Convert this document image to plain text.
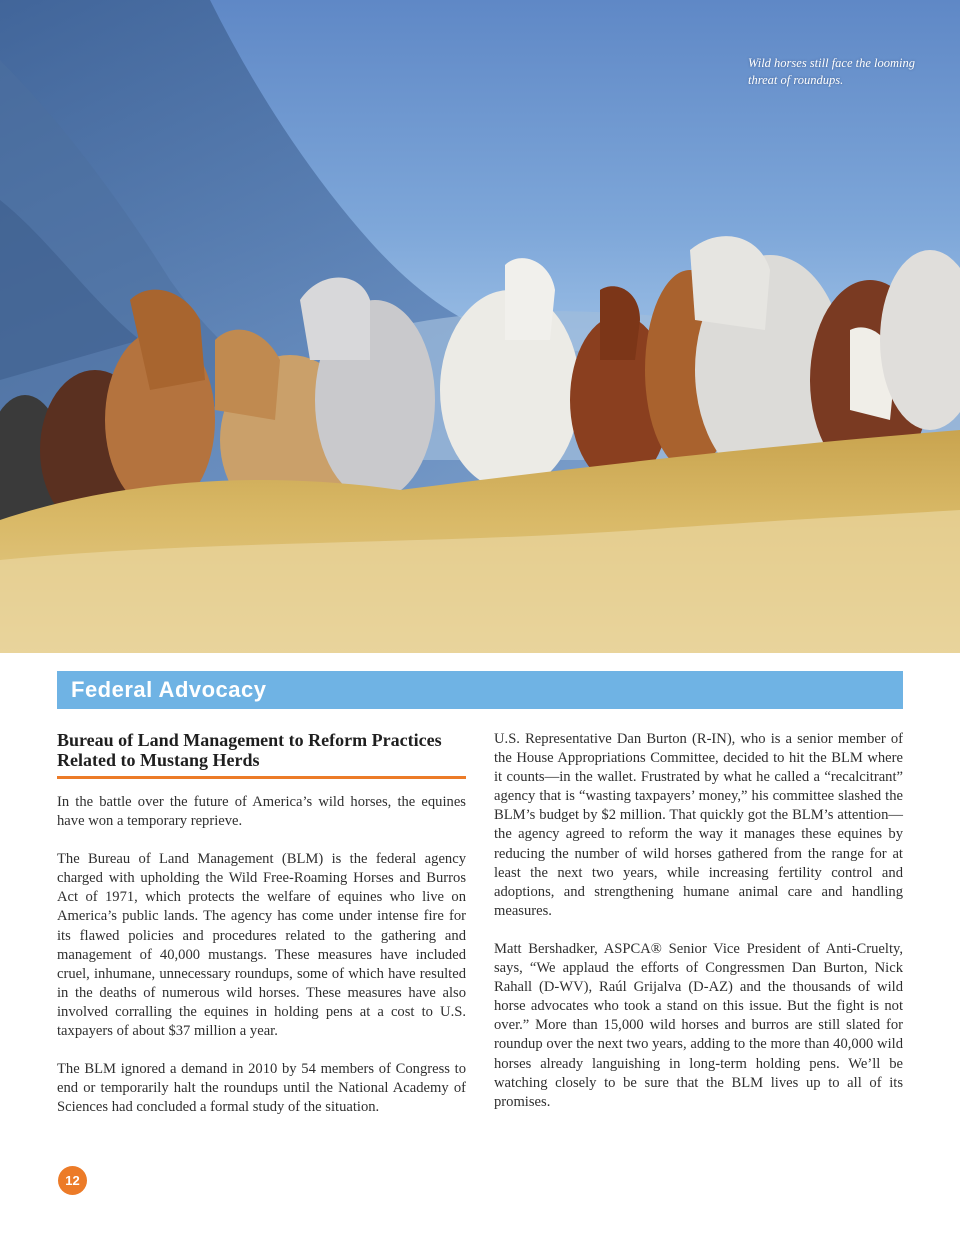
Wild horses still face the looming threat of roundups.
Federal Advocacy
Bureau of Land Management to Reform Practices Related to Mustang Herds

In the battle over the future of America’s wild horses, the equines have won a temporary reprieve.

The Bureau of Land Management (BLM) is the federal agency charged with upholding the Wild Free-Roaming Horses and Burros Act of 1971, which protects the welfare of equines who live on America’s public lands. The agency has come under intense fire for its flawed policies and procedures related to the gathering and management of 40,000 mustangs. These measures have included cruel, inhumane, unnecessary roundups, some of which have resulted in the deaths of numerous wild horses. These measures have also involved corralling the equines in holding pens at a cost to U.S. taxpayers of about $37 million a year.

The BLM ignored a demand in 2010 by 54 members of Congress to end or temporarily halt the roundups until the National Academy of Sciences had concluded a formal study of the situation.

U.S. Representative Dan Burton (R-IN), who is a senior member of the House Appropriations Committee, decided to hit the BLM where it counts—in the wallet. Frustrated by what he called a “recalcitrant” agency that is “wasting taxpayers’ money,” his committee slashed the BLM’s budget by $2 million. That quickly got the BLM’s attention—the agency agreed to reform the way it manages these equines by reducing the number of wild horses gathered from the range for at least the next two years, while increasing fertility control and adoptions, and strengthening humane animal care and handling measures.

Matt Bershadker, ASPCA® Senior Vice President of Anti-Cruelty, says, “We applaud the efforts of Congressmen Dan Burton, Nick Rahall (D-WV), Raúl Grijalva (D-AZ) and the thousands of wild horse advocates who took a stand on this issue. But the fight is not over.” More than 15,000 wild horses and burros are still slated for roundup over the next two years, adding to the more than 40,000 wild horses already languishing in long-term holding pens. We’ll be watching closely to be sure that the BLM lives up to all of its promises.

12
